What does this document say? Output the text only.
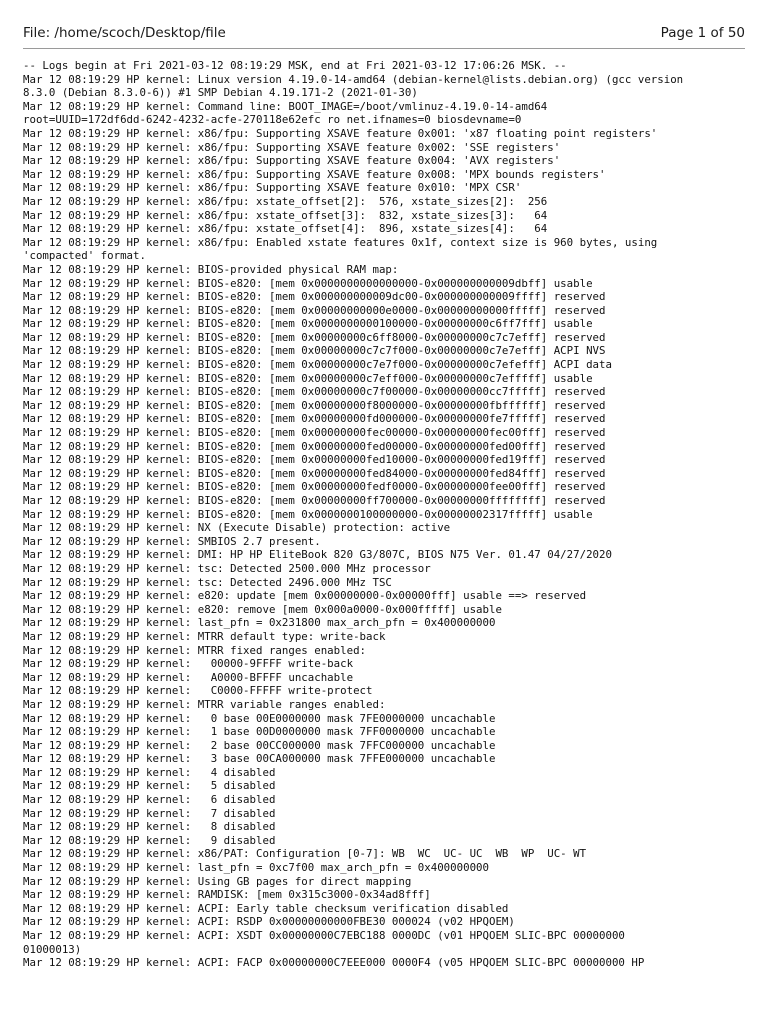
File: /home/scoch/Desktop/file	Page 1 of 50
-- Logs begin at Fri 2021-03-12 08:19:29 MSK, end at Fri 2021-03-12 17:06:26 MSK. --
Mar 12 08:19:29 HP kernel: Linux version 4.19.0-14-amd64 (debian-kernel@lists.debian.org) (gcc version
8.3.0 (Debian 8.3.0-6)) #1 SMP Debian 4.19.171-2 (2021-01-30)
Mar 12 08:19:29 HP kernel: Command line: BOOT_IMAGE=/boot/vmlinuz-4.19.0-14-amd64
root=UUID=172df6dd-6242-4232-acfe-270118e62efc ro net.ifnames=0 biosdevname=0
Mar 12 08:19:29 HP kernel: x86/fpu: Supporting XSAVE feature 0x001: 'x87 floating point registers'
Mar 12 08:19:29 HP kernel: x86/fpu: Supporting XSAVE feature 0x002: 'SSE registers'
Mar 12 08:19:29 HP kernel: x86/fpu: Supporting XSAVE feature 0x004: 'AVX registers'
Mar 12 08:19:29 HP kernel: x86/fpu: Supporting XSAVE feature 0x008: 'MPX bounds registers'
Mar 12 08:19:29 HP kernel: x86/fpu: Supporting XSAVE feature 0x010: 'MPX CSR'
Mar 12 08:19:29 HP kernel: x86/fpu: xstate_offset[2]:  576, xstate_sizes[2]:  256
Mar 12 08:19:29 HP kernel: x86/fpu: xstate_offset[3]:  832, xstate_sizes[3]:   64
Mar 12 08:19:29 HP kernel: x86/fpu: xstate_offset[4]:  896, xstate_sizes[4]:   64
Mar 12 08:19:29 HP kernel: x86/fpu: Enabled xstate features 0x1f, context size is 960 bytes, using
'compacted' format.
Mar 12 08:19:29 HP kernel: BIOS-provided physical RAM map:
Mar 12 08:19:29 HP kernel: BIOS-e820: [mem 0x0000000000000000-0x000000000009dbff] usable
Mar 12 08:19:29 HP kernel: BIOS-e820: [mem 0x000000000009dc00-0x000000000009ffff] reserved
Mar 12 08:19:29 HP kernel: BIOS-e820: [mem 0x00000000000e0000-0x00000000000fffff] reserved
Mar 12 08:19:29 HP kernel: BIOS-e820: [mem 0x0000000000100000-0x00000000c6ff7fff] usable
Mar 12 08:19:29 HP kernel: BIOS-e820: [mem 0x00000000c6ff8000-0x00000000c7c7efff] reserved
Mar 12 08:19:29 HP kernel: BIOS-e820: [mem 0x00000000c7c7f000-0x00000000c7e7efff] ACPI NVS
Mar 12 08:19:29 HP kernel: BIOS-e820: [mem 0x00000000c7e7f000-0x00000000c7efefff] ACPI data
Mar 12 08:19:29 HP kernel: BIOS-e820: [mem 0x00000000c7eff000-0x00000000c7efffff] usable
Mar 12 08:19:29 HP kernel: BIOS-e820: [mem 0x00000000c7f00000-0x00000000cc7fffff] reserved
Mar 12 08:19:29 HP kernel: BIOS-e820: [mem 0x00000000f8000000-0x00000000fbffffff] reserved
Mar 12 08:19:29 HP kernel: BIOS-e820: [mem 0x00000000fd000000-0x00000000fe7fffff] reserved
Mar 12 08:19:29 HP kernel: BIOS-e820: [mem 0x00000000fec00000-0x00000000fec00fff] reserved
Mar 12 08:19:29 HP kernel: BIOS-e820: [mem 0x00000000fed00000-0x00000000fed00fff] reserved
Mar 12 08:19:29 HP kernel: BIOS-e820: [mem 0x00000000fed10000-0x00000000fed19fff] reserved
Mar 12 08:19:29 HP kernel: BIOS-e820: [mem 0x00000000fed84000-0x00000000fed84fff] reserved
Mar 12 08:19:29 HP kernel: BIOS-e820: [mem 0x00000000fedf0000-0x00000000fee00fff] reserved
Mar 12 08:19:29 HP kernel: BIOS-e820: [mem 0x00000000ff700000-0x00000000ffffffff] reserved
Mar 12 08:19:29 HP kernel: BIOS-e820: [mem 0x0000000100000000-0x00000002317fffff] usable
Mar 12 08:19:29 HP kernel: NX (Execute Disable) protection: active
Mar 12 08:19:29 HP kernel: SMBIOS 2.7 present.
Mar 12 08:19:29 HP kernel: DMI: HP HP EliteBook 820 G3/807C, BIOS N75 Ver. 01.47 04/27/2020
Mar 12 08:19:29 HP kernel: tsc: Detected 2500.000 MHz processor
Mar 12 08:19:29 HP kernel: tsc: Detected 2496.000 MHz TSC
Mar 12 08:19:29 HP kernel: e820: update [mem 0x00000000-0x00000fff] usable ==> reserved
Mar 12 08:19:29 HP kernel: e820: remove [mem 0x000a0000-0x000fffff] usable
Mar 12 08:19:29 HP kernel: last_pfn = 0x231800 max_arch_pfn = 0x400000000
Mar 12 08:19:29 HP kernel: MTRR default type: write-back
Mar 12 08:19:29 HP kernel: MTRR fixed ranges enabled:
Mar 12 08:19:29 HP kernel:   00000-9FFFF write-back
Mar 12 08:19:29 HP kernel:   A0000-BFFFF uncachable
Mar 12 08:19:29 HP kernel:   C0000-FFFFF write-protect
Mar 12 08:19:29 HP kernel: MTRR variable ranges enabled:
Mar 12 08:19:29 HP kernel:   0 base 00E0000000 mask 7FE0000000 uncachable
Mar 12 08:19:29 HP kernel:   1 base 00D0000000 mask 7FF0000000 uncachable
Mar 12 08:19:29 HP kernel:   2 base 00CC000000 mask 7FFC000000 uncachable
Mar 12 08:19:29 HP kernel:   3 base 00CA000000 mask 7FFE000000 uncachable
Mar 12 08:19:29 HP kernel:   4 disabled
Mar 12 08:19:29 HP kernel:   5 disabled
Mar 12 08:19:29 HP kernel:   6 disabled
Mar 12 08:19:29 HP kernel:   7 disabled
Mar 12 08:19:29 HP kernel:   8 disabled
Mar 12 08:19:29 HP kernel:   9 disabled
Mar 12 08:19:29 HP kernel: x86/PAT: Configuration [0-7]: WB  WC  UC- UC  WB  WP  UC- WT
Mar 12 08:19:29 HP kernel: last_pfn = 0xc7f00 max_arch_pfn = 0x400000000
Mar 12 08:19:29 HP kernel: Using GB pages for direct mapping
Mar 12 08:19:29 HP kernel: RAMDISK: [mem 0x315c3000-0x34ad8fff]
Mar 12 08:19:29 HP kernel: ACPI: Early table checksum verification disabled
Mar 12 08:19:29 HP kernel: ACPI: RSDP 0x00000000000FBE30 000024 (v02 HPQOEM)
Mar 12 08:19:29 HP kernel: ACPI: XSDT 0x00000000C7EBC188 0000DC (v01 HPQOEM SLIC-BPC 00000000
01000013)
Mar 12 08:19:29 HP kernel: ACPI: FACP 0x00000000C7EEE000 0000F4 (v05 HPQOEM SLIC-BPC 00000000 HP
